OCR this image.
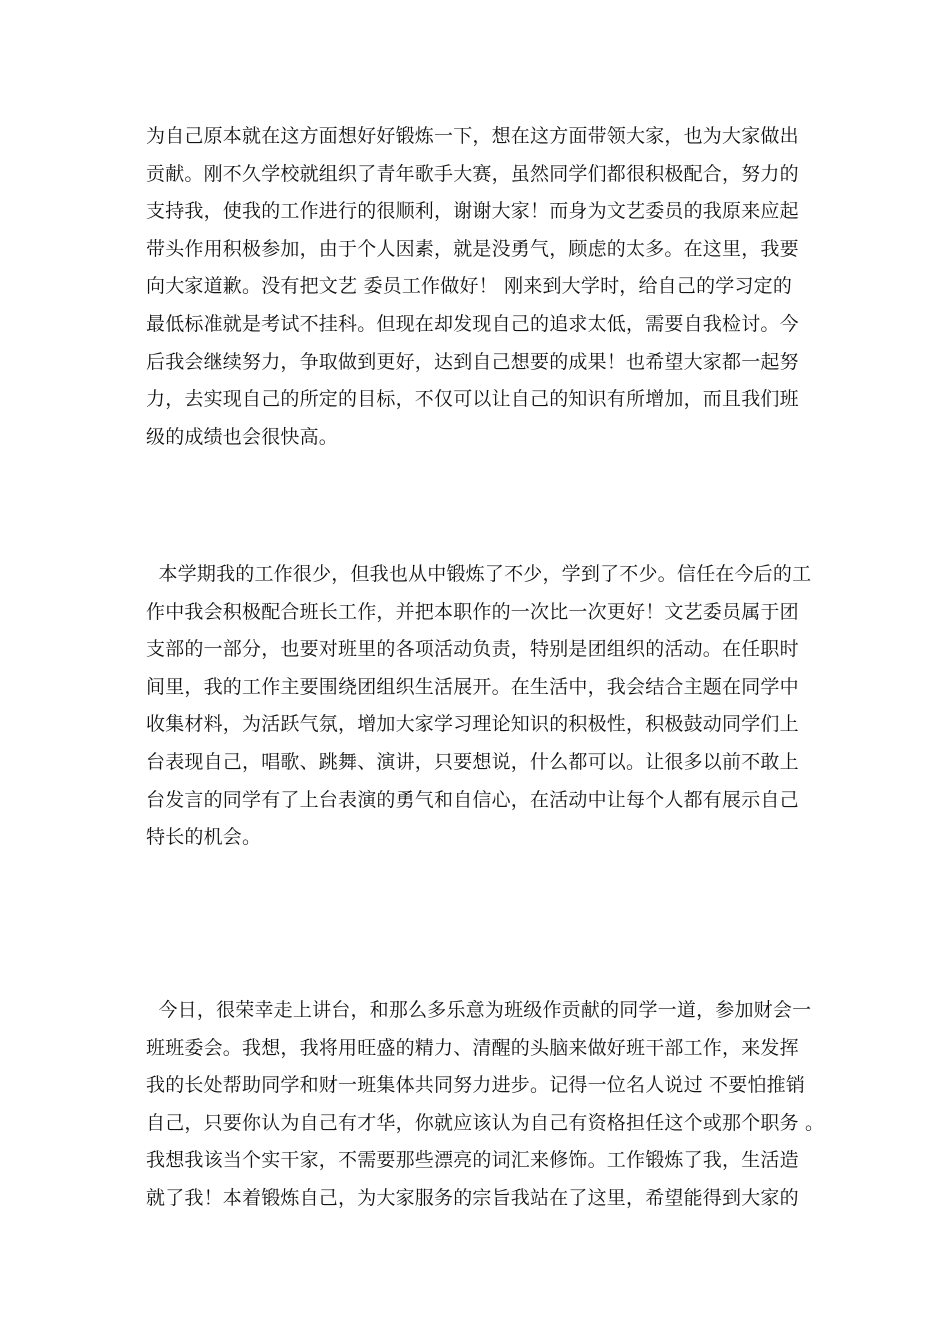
为自己原本就在这方面想好好锻炼一下，想在这方面带领大家，也为大家做出
贡献。刚不久学校就组织了青年歌手大赛，虽然同学们都很积极配合，努力的
支持我，使我的工作进行的很顺利，谢谢大家！而身为文艺委员的我原来应起
带头作用积极参加，由于个人因素，就是没勇气，顾虑的太多。在这里，我要
向大家道歉。没有把文艺 委员工作做好！ 刚来到大学时，给自己的学习定的
最低标准就是考试不挂科。但现在却发现自己的追求太低，需要自我检讨。今
后我会继续努力，争取做到更好，达到自己想要的成果！也希望大家都一起努
力，去实现自己的所定的目标，不仅可以让自己的知识有所增加，而且我们班
级的成绩也会很快高。
本学期我的工作很少，但我也从中锻炼了不少，学到了不少。信任在今后的工
作中我会积极配合班长工作，并把本职作的一次比一次更好！文艺委员属于团
支部的一部分，也要对班里的各项活动负责，特别是团组织的活动。在任职时
间里，我的工作主要围绕团组织生活展开。在生活中，我会结合主题在同学中
收集材料，为活跃气氛，增加大家学习理论知识的积极性，积极鼓动同学们上
台表现自己，唱歌、跳舞、演讲，只要想说，什么都可以。让很多以前不敢上
台发言的同学有了上台表演的勇气和自信心，在活动中让每个人都有展示自己
特长的机会。
今日，很荣幸走上讲台，和那么多乐意为班级作贡献的同学一道，参加财会一
班班委会。我想，我将用旺盛的精力、清醒的头脑来做好班干部工作，来发挥
我的长处帮助同学和财一班集体共同努力进步。记得一位名人说过 不要怕推销
自己，只要你认为自己有才华，你就应该认为自己有资格担任这个或那个职务 。
我想我该当个实干家，不需要那些漂亮的词汇来修饰。工作锻炼了我，生活造
就了我！本着锻炼自己，为大家服务的宗旨我站在了这里，希望能得到大家的
